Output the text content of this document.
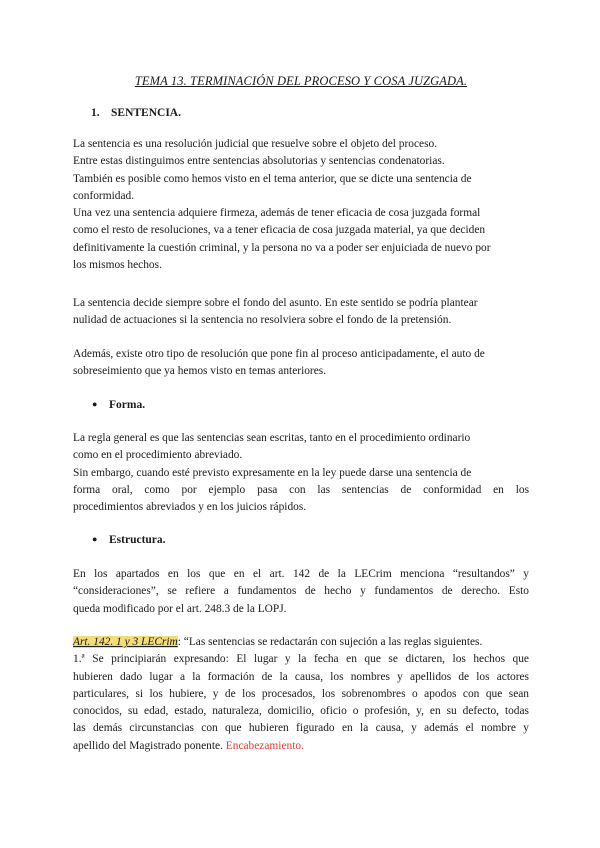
TEMA 13. TERMINACIÓN DEL PROCESO Y COSA JUZGADA.
1. SENTENCIA.
La sentencia es una resolución judicial que resuelve sobre el objeto del proceso.
Entre estas distinguimos entre sentencias absolutorias y sentencias condenatorias.
También es posible como hemos visto en el tema anterior, que se dicte una sentencia de
conformidad.
Una vez una sentencia adquiere firmeza, además de tener eficacia de cosa juzgada formal
como el resto de resoluciones, va a tener eficacia de cosa juzgada material, ya que deciden
definitivamente la cuestión criminal, y la persona no va a poder ser enjuiciada de nuevo por
los mismos hechos.
La sentencia decide siempre sobre el fondo del asunto. En este sentido se podría plantear
nulidad de actuaciones si la sentencia no resolviera sobre el fondo de la pretensión.
Además, existe otro tipo de resolución que pone fin al proceso anticipadamente, el auto de
sobreseimiento que ya hemos visto en temas anteriores.
● Forma.
La regla general es que las sentencias sean escritas, tanto en el procedimiento ordinario
como en el procedimiento abreviado.
Sin embargo, cuando esté previsto expresamente en la ley puede darse una sentencia de
forma oral, como por ejemplo pasa con las sentencias de conformidad en los
procedimientos abreviados y en los juicios rápidos.
● Estructura.
En los apartados en los que en el art. 142 de la LECrim menciona “resultandos” y
“consideraciones”, se refiere a fundamentos de hecho y fundamentos de derecho. Esto
queda modificado por el art. 248.3 de la LOPJ.
Art. 142. 1 y 3 LECrim: “Las sentencias se redactarán con sujeción a las reglas siguientes.
1.ª Se principiarán expresando: El lugar y la fecha en que se dictaren, los hechos que
hubieren dado lugar a la formación de la causa, los nombres y apellidos de los actores
particulares, si los hubiere, y de los procesados, los sobrenombres o apodos con que sean
conocidos, su edad, estado, naturaleza, domicilio, oficio o profesión, y, en su defecto, todas
las demás circunstancias con que hubieren figurado en la causa, y además el nombre y
apellido del Magistrado ponente. Encabezamiento.
